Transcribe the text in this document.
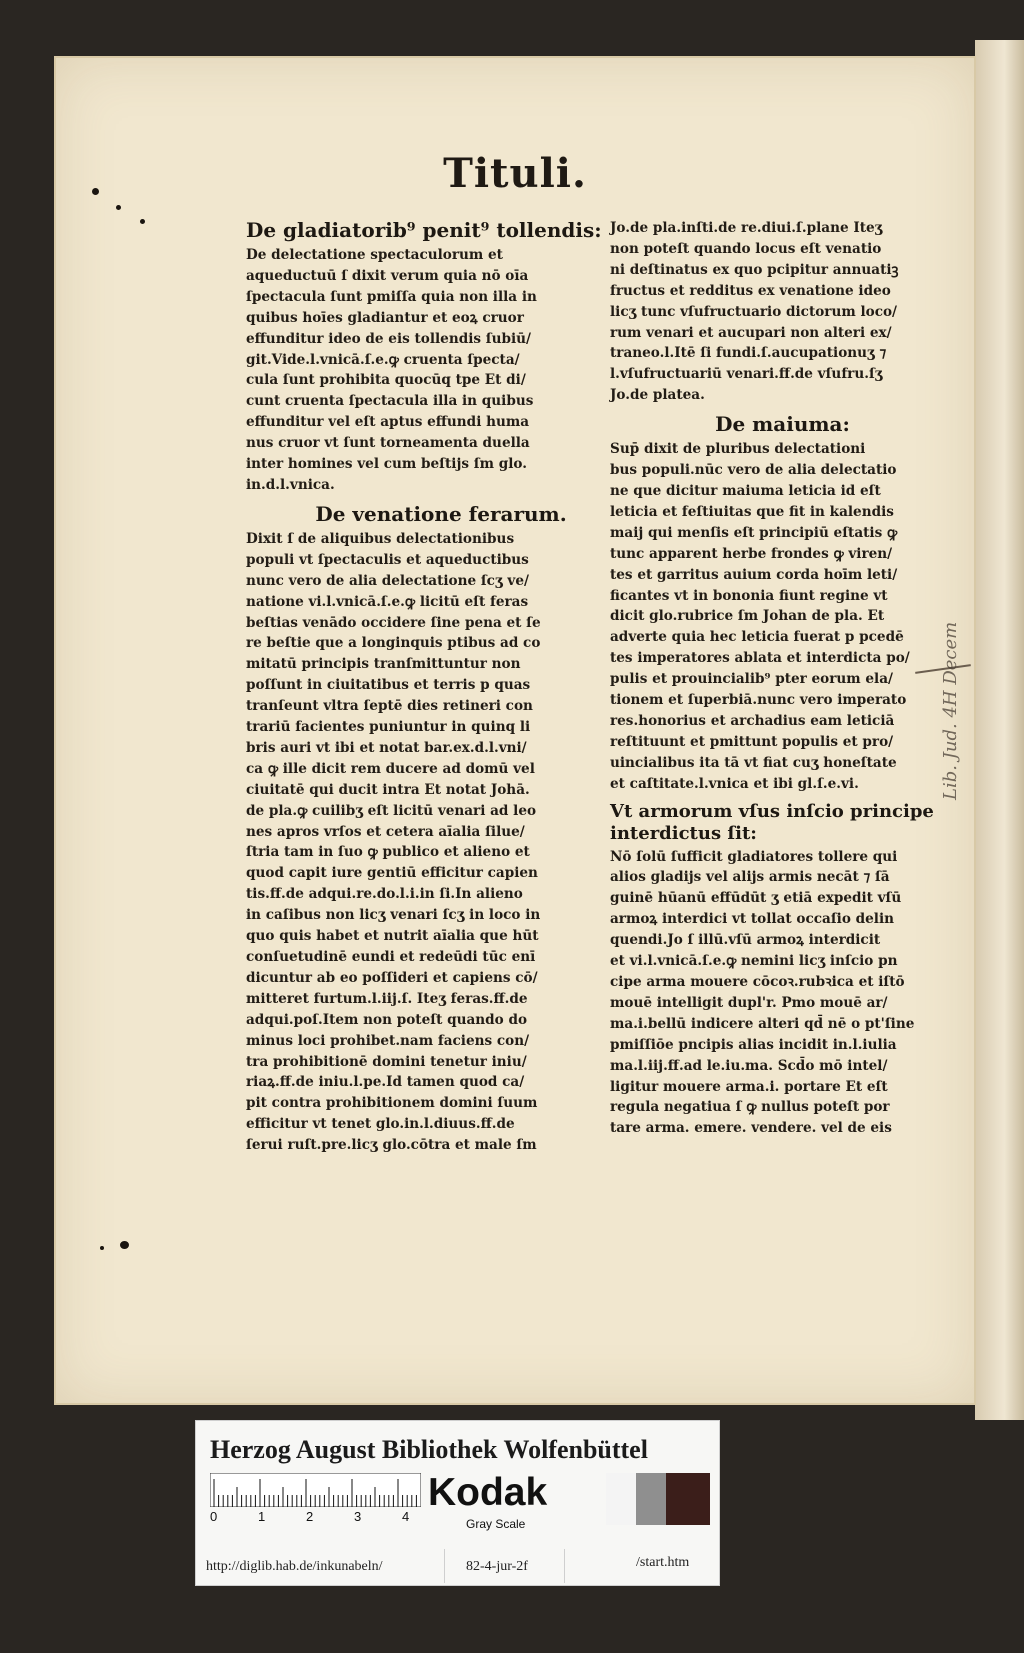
Tituli.
De gladiatorib⁹ penit⁹ tollendis:
De delectatione spectaculorum et
aqueductuū ſ dixit verum quia nō oīa
ſpectacula ſunt pmiſſa quia non illa in
quibus hoīes gladiantur et eoꝝ cruor
effunditur ideo de eis tollendis ſubiū/
git.Vide.l.vnicā.ſ.e.ꝙ cruenta ſpecta/
cula ſunt prohibita quocūq tpe Et di/
cunt cruenta ſpectacula illa in quibus
effunditur vel eſt aptus effundi huma
nus cruor vt ſunt torneamenta duella
inter homines vel cum beſtijs ſm glo.
in.d.l.vnica.
De venatione ferarum.
Dixit ſ de aliquibus delectationibus
populi vt ſpectaculis et aqueductibus
nunc vero de alia delectatione ſcʒ ve/
natione vi.l.vnicā.ſ.e.ꝙ licitū eſt feras
beſtias venādo occidere ſine pena et ſe
re beſtie que a longinquis ptibus ad co
mitatū principis tranſmittuntur non
poſſunt in ciuitatibus et terris p quas
tranſeunt vltra ſeptē dies retineri con
trariū facientes puniuntur in quinq li
bris auri vt ibi et notat bar.ex.d.l.vni/
ca ꝙ ille dicit rem ducere ad domū vel
ciuitatē qui ducit intra Et notat Johā.
de pla.ꝙ cuilibʒ eſt licitū venari ad leo
nes apros vrſos et cetera aīalia ſilue/
ſtria tam in ſuo ꝙ publico et alieno et
quod capit iure gentiū efficitur capien
tis.ff.de adqui.re.do.l.i.in ſi.In alieno
in caſibus non licʒ venari ſcʒ in loco in
quo quis habet et nutrit aīalia que hūt
conſuetudinē eundi et redeūdi tūc enī
dicuntur ab eo poſſideri et capiens cō/
mitteret furtum.l.iij.ſ. Iteʒ feras.ff.de
adqui.poſ.Item non poteſt quando do
minus loci prohibet.nam faciens con/
tra prohibitionē domini tenetur iniu/
riaꝝ.ff.de iniu.l.pe.Id tamen quod ca/
pit contra prohibitionem domini ſuum
efficitur vt tenet glo.in.l.diuus.ff.de
ſerui ruſt.pre.licʒ glo.cōtra et male ſm
Jo.de pla.inſti.de re.diui.ſ.plane Iteʒ
non poteſt quando locus eſt venatio
ni deſtinatus ex quo pcipitur annuatiꝫ
fructus et redditus ex venatione ideo
licʒ tunc vſufructuario dictorum loco/
rum venari et aucupari non alteri ex/
traneo.l.Itē ſi fundi.ſ.aucupationuʒ ⁊
l.vſufructuariū venari.ff.de vſufru.ſʒ
Jo.de platea.
De maiuma:
Sup̄ dixit de pluribus delectationi
bus populi.nūc vero de alia delectatio
ne que dicitur maiuma leticia id eſt
leticia et feſtiuitas que fit in kalendis
maij qui menſis eſt principiū eſtatis ꝙ
tunc apparent herbe frondes ꝙ viren/
tes et garritus auium corda hoīm leti/
ficantes vt in bononia fiunt regine vt
dicit glo.rubrice ſm Johan de pla. Et
adverte quia hec leticia fuerat p pcedē
tes imperatores ablata et interdicta po/
pulis et prouincialib⁹ pter eorum ela/
tionem et ſuperbiā.nunc vero imperato
res.honorius et archadius eam leticiā
reſtituunt et pmittunt populis et pro/
uincialibus ita tā vt fiat cuʒ honeſtate
et caſtitate.l.vnica et ibi gl.ſ.e.vi.
Vt armorum vſus inſcio principe interdictus ſit:
Nō ſolū ſufficit gladiatores tollere qui
alios gladijs vel alijs armis necāt ⁊ ſā
guinē hūanū effūdūt ʒ etiā expedit vſū
armoꝝ interdici vt tollat occaſio delin
quendi.Jo ſ illū.vſū armoꝝ interdicit
et vi.l.vnicā.ſ.e.ꝙ nemini licʒ inſcio pn
cipe arma mouere cōcoꝛ.rubꝛica et iſtō
mouē intelligit dupl'r. Pmo mouē ar/
ma.i.bellū indicere alteri qd̄ nē o pt'ſine
pmiſſiōe pncipis alias incidit in.l.iulia
ma.l.iij.ff.ad le.iu.ma. Scd̄o mō intel/
ligitur mouere arma.i. portare Et eſt
regula negatiua ſ ꝙ nullus poteſt por
tare arma. emere. vendere. vel de eis
Lib. Jud. 4H Decem
Herzog August Bibliothek Wolfenbüttel
0	1	2	3	4
Kodak
Gray Scale
http://diglib.hab.de/inkunabeln/	82-4-jur-2f	/start.htm
